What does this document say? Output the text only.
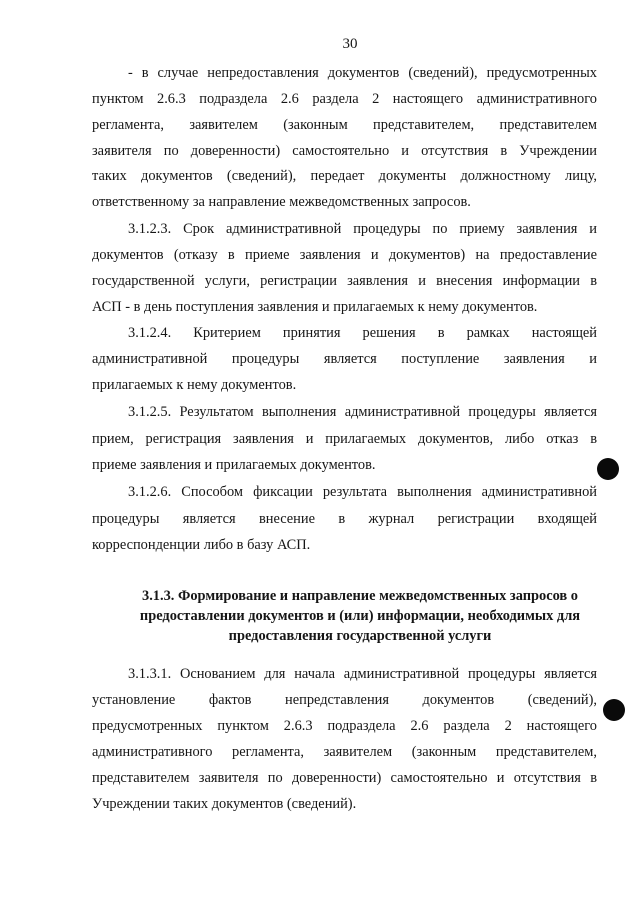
30
- в случае непредоставления документов (сведений), предусмотренных
пунктом 2.6.3 подраздела 2.6 раздела 2 настоящего административного
регламента, заявителем (законным представителем, представителем
заявителя по доверенности) самостоятельно и отсутствия в Учреждении
таких документов (сведений), передает документы должностному лицу,
ответственному за направление межведомственных запросов.
3.1.2.3. Срок административной процедуры по приему заявления и
документов (отказу в приеме заявления и документов) на предоставление
государственной услуги, регистрации заявления и внесения информации в
АСП - в день поступления заявления и прилагаемых к нему документов.
3.1.2.4. Критерием принятия решения в рамках настоящей
административной процедуры является поступление заявления и
прилагаемых к нему документов.
3.1.2.5. Результатом выполнения административной процедуры является
прием, регистрация заявления и прилагаемых документов, либо отказ в
приеме заявления и прилагаемых документов.
3.1.2.6. Способом фиксации результата выполнения административной
процедуры является внесение в журнал регистрации входящей
корреспонденции либо в базу АСП.
3.1.3. Формирование и направление межведомственных запросов о
предоставлении документов и (или) информации, необходимых для
предоставления государственной услуги
3.1.3.1. Основанием для начала административной процедуры является
установление фактов непредставления документов (сведений),
предусмотренных пунктом 2.6.3 подраздела 2.6 раздела 2 настоящего
административного регламента, заявителем (законным представителем,
представителем заявителя по доверенности) самостоятельно и отсутствия в
Учреждении таких документов (сведений).
